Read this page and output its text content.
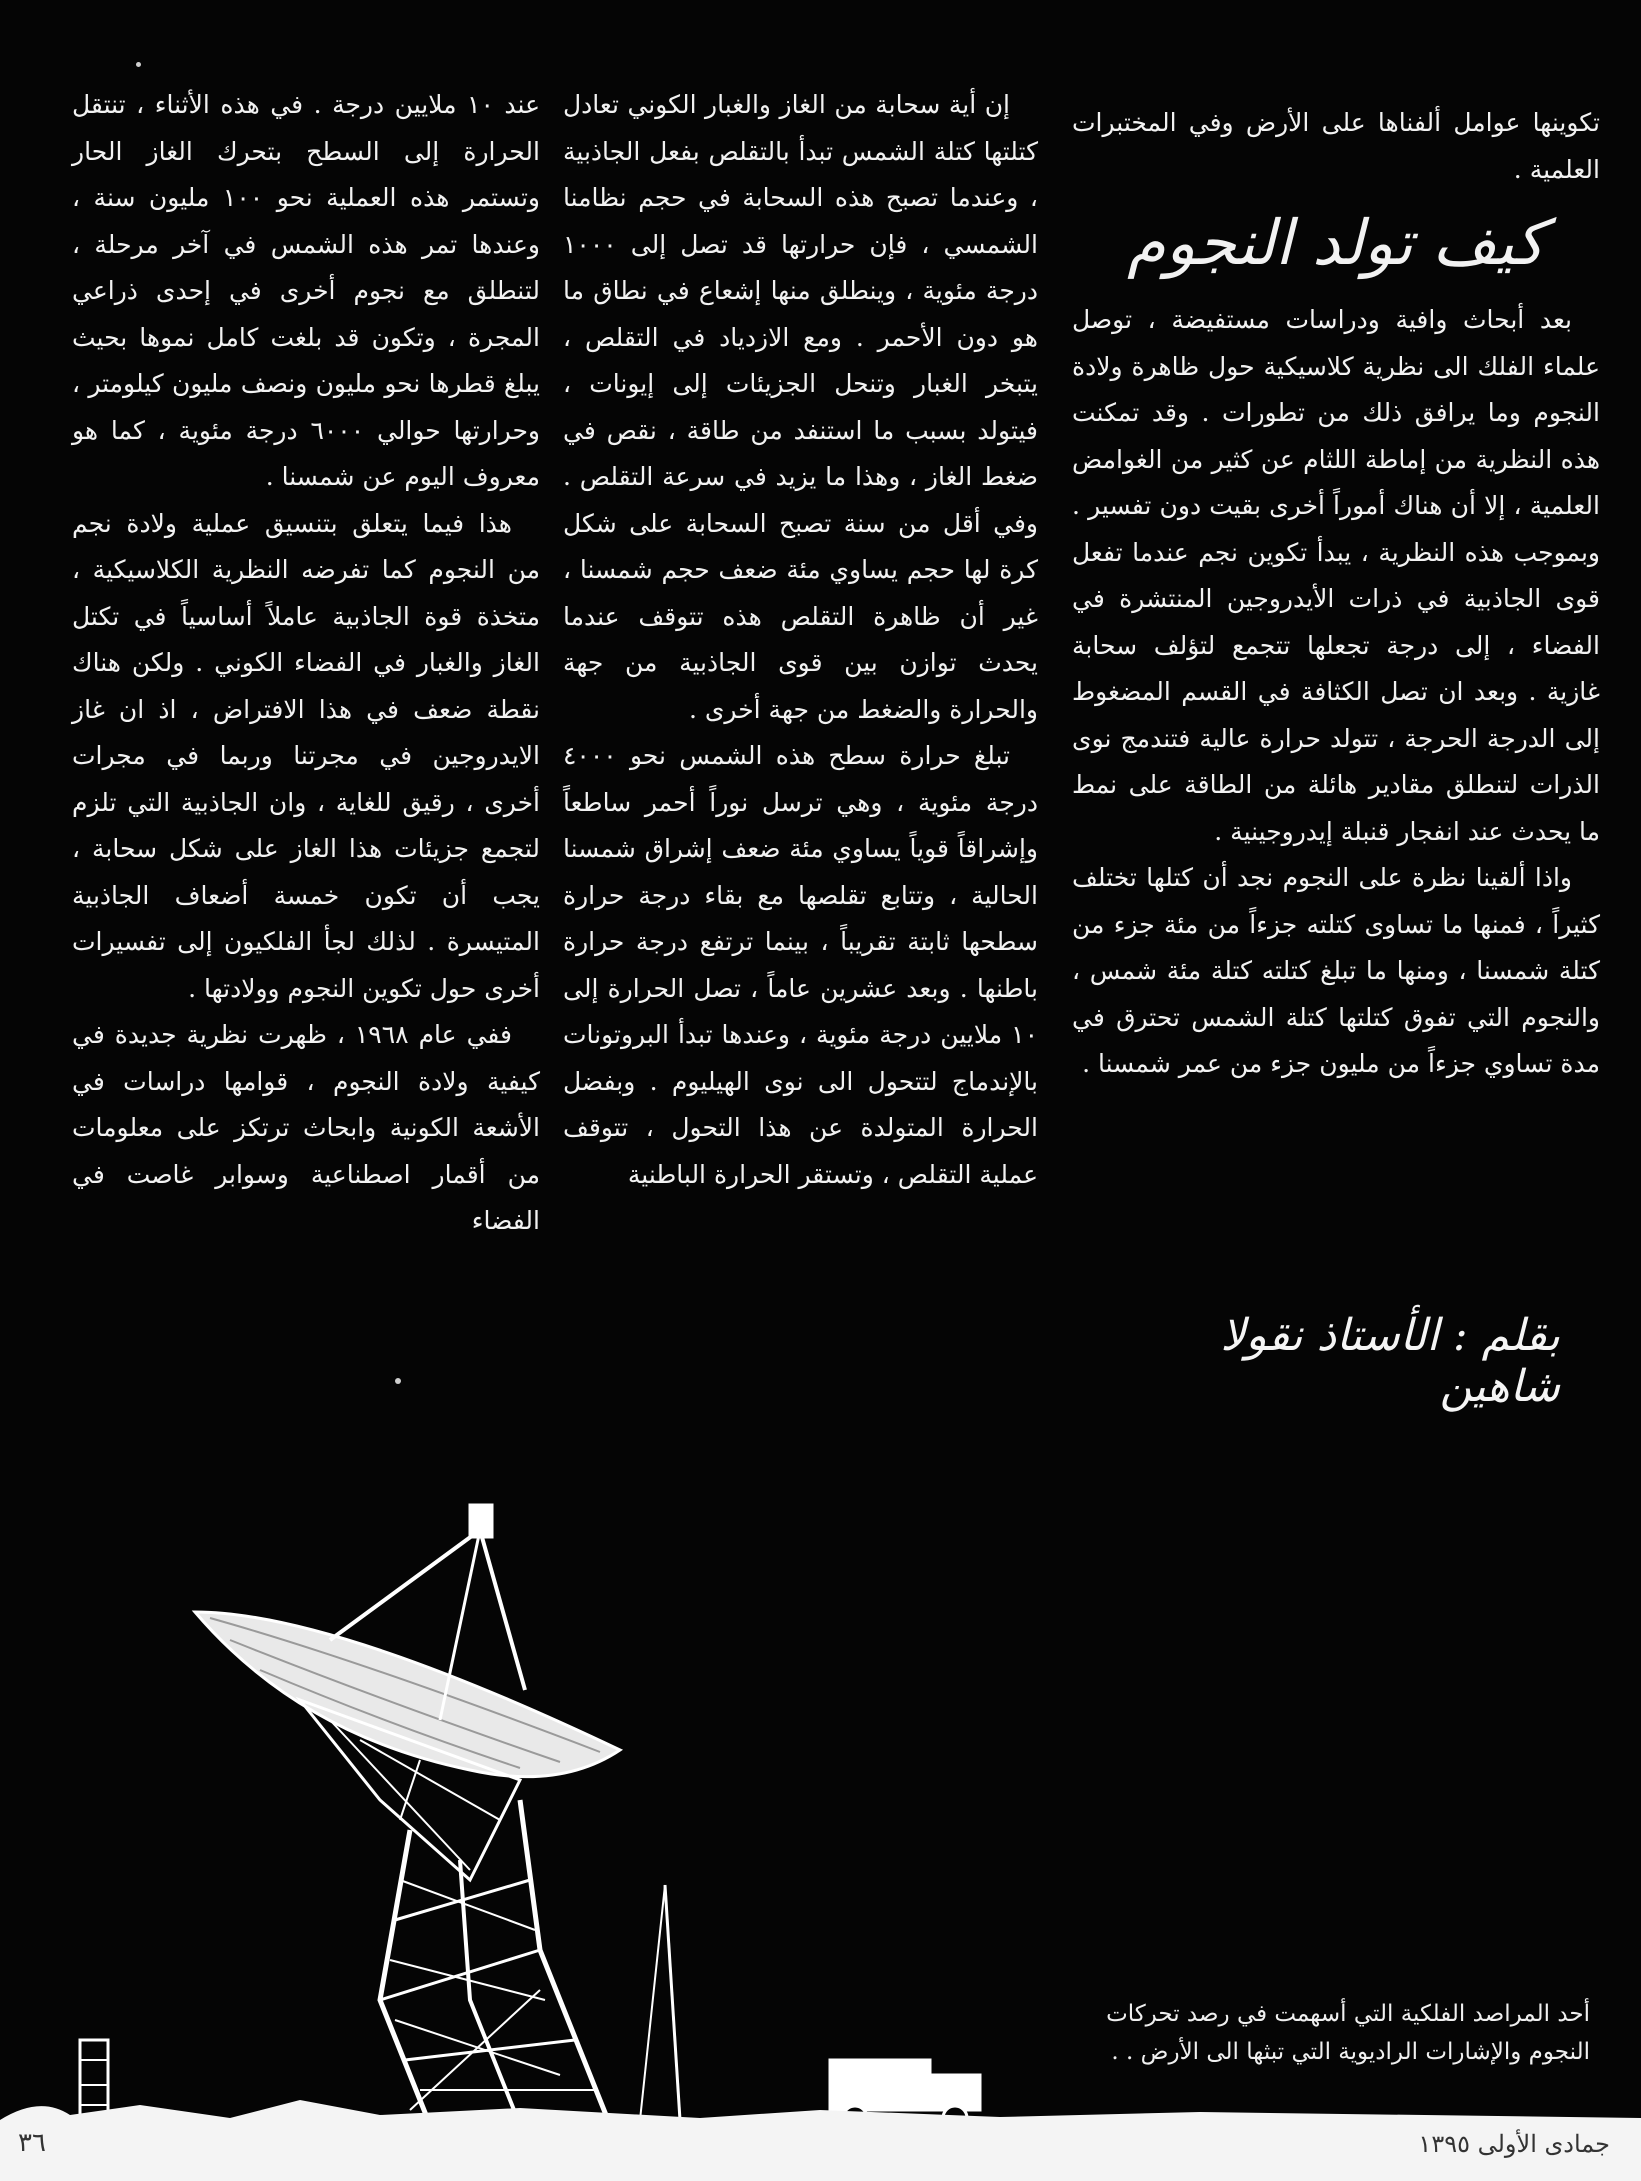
تكوينها عوامل ألفناها على الأرض وفي المختبرات العلمية .

كيف تولد النجوم

بعد أبحاث وافية ودراسات مستفيضة ، توصل علماء الفلك الى نظرية كلاسيكية حول ظاهرة ولادة النجوم وما يرافق ذلك من تطورات . وقد تمكنت هذه النظرية من إماطة اللثام عن كثير من الغوامض العلمية ، إلا أن هناك أموراً أخرى بقيت دون تفسير . وبموجب هذه النظرية ، يبدأ تكوين نجم عندما تفعل قوى الجاذبية في ذرات الأيدروجين المنتشرة في الفضاء ، إلى درجة تجعلها تتجمع لتؤلف سحابة غازية . وبعد ان تصل الكثافة في القسم المضغوط إلى الدرجة الحرجة ، تتولد حرارة عالية فتندمج نوى الذرات لتنطلق مقادير هائلة من الطاقة على نمط ما يحدث عند انفجار قنبلة إيدروجينية .

واذا ألقينا نظرة على النجوم نجد أن كتلها تختلف كثيراً ، فمنها ما تساوى كتلته جزءاً من مئة جزء من كتلة شمسنا ، ومنها ما تبلغ كتلته كتلة مئة شمس ، والنجوم التي تفوق كتلتها كتلة الشمس تحترق في مدة تساوي جزءاً من مليون جزء من عمر شمسنا .

إن أية سحابة من الغاز والغبار الكوني تعادل كتلتها كتلة الشمس تبدأ بالتقلص بفعل الجاذبية ، وعندما تصبح هذه السحابة في حجم نظامنا الشمسي ، فإن حرارتها قد تصل إلى ١٠٠٠ درجة مئوية ، وينطلق منها إشعاع في نطاق ما هو دون الأحمر . ومع الازدياد في التقلص ، يتبخر الغبار وتنحل الجزيئات إلى إيونات ، فيتولد بسبب ما استنفد من طاقة ، نقص في ضغط الغاز ، وهذا ما يزيد في سرعة التقلص . وفي أقل من سنة تصبح السحابة على شكل كرة لها حجم يساوي مئة ضعف حجم شمسنا ، غير أن ظاهرة التقلص هذه تتوقف عندما يحدث توازن بين قوى الجاذبية من جهة والحرارة والضغط من جهة أخرى .

تبلغ حرارة سطح هذه الشمس نحو ٤٠٠٠ درجة مئوية ، وهي ترسل نوراً أحمر ساطعاً وإشراقاً قوياً يساوي مئة ضعف إشراق شمسنا الحالية ، وتتابع تقلصها مع بقاء درجة حرارة سطحها ثابتة تقريباً ، بينما ترتفع درجة حرارة باطنها . وبعد عشرين عاماً ، تصل الحرارة إلى ١٠ ملايين درجة مئوية ، وعندها تبدأ البروتونات بالإندماج لتتحول الى نوى الهيليوم . وبفضل الحرارة المتولدة عن هذا التحول ، تتوقف عملية التقلص ، وتستقر الحرارة الباطنية

عند ١٠ ملايين درجة . في هذه الأثناء ، تنتقل الحرارة إلى السطح بتحرك الغاز الحار وتستمر هذه العملية نحو ١٠٠ مليون سنة ، وعندها تمر هذه الشمس في آخر مرحلة ، لتنطلق مع نجوم أخرى في إحدى ذراعي المجرة ، وتكون قد بلغت كامل نموها بحيث يبلغ قطرها نحو مليون ونصف مليون كيلومتر ، وحرارتها حوالي ٦٠٠٠ درجة مئوية ، كما هو معروف اليوم عن شمسنا .

هذا فيما يتعلق بتنسيق عملية ولادة نجم من النجوم كما تفرضه النظرية الكلاسيكية ، متخذة قوة الجاذبية عاملاً أساسياً في تكتل الغاز والغبار في الفضاء الكوني . ولكن هناك نقطة ضعف في هذا الافتراض ، اذ ان غاز الايدروجين في مجرتنا وربما في مجرات أخرى ، رقيق للغاية ، وان الجاذبية التي تلزم لتجمع جزيئات هذا الغاز على شكل سحابة ، يجب أن تكون خمسة أضعاف الجاذبية المتيسرة . لذلك لجأ الفلكيون إلى تفسيرات أخرى حول تكوين النجوم وولادتها .

ففي عام ١٩٦٨ ، ظهرت نظرية جديدة في كيفية ولادة النجوم ، قوامها دراسات في الأشعة الكونية وابحاث ترتكز على معلومات من أقمار اصطناعية وسوابر غاصت في الفضاء

بقلم : الأستاذ نقولا شاهين
أحد المراصد الفلكية التي أسهمت في رصد تحركات النجوم والإشارات الراديوية التي تبثها الى الأرض . .
جمادى الأولى ١٣٩٥
٣٦
